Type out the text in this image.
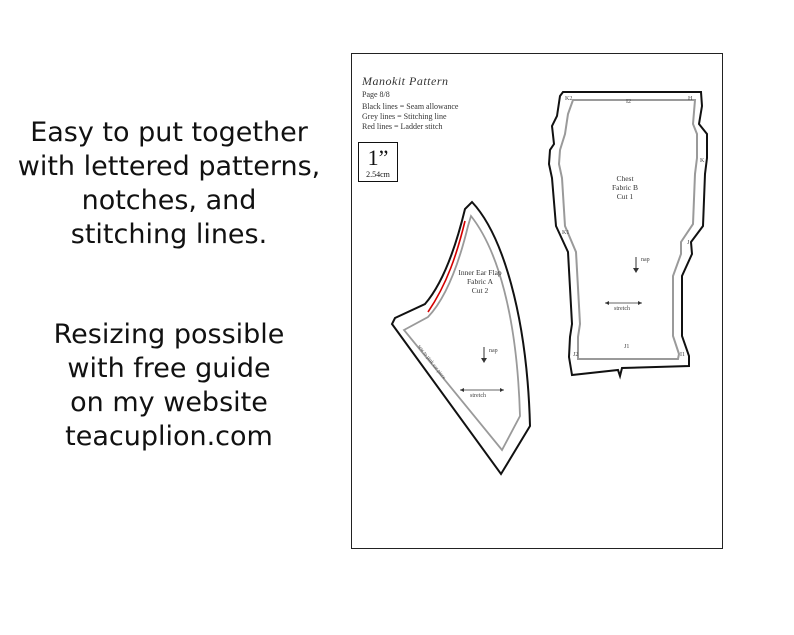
Easy to put together
with lettered patterns,
notches, and
stitching lines.
Resizing possible
with free guide
on my website
teacuplion.com
Manokit Pattern
Page 8/8
Black lines = Seam allowance
Grey lines = Stitching line
Red lines = Ladder stitch
1”
2.54cm	Chest
Fabric B
Cut 1
nap
stretch
Inner Ear Flap
Fabric A
Cut 2
nap
stretch
sew to pink ear piece
K2	I2	H
K
K1
J
J2
J1
I1
